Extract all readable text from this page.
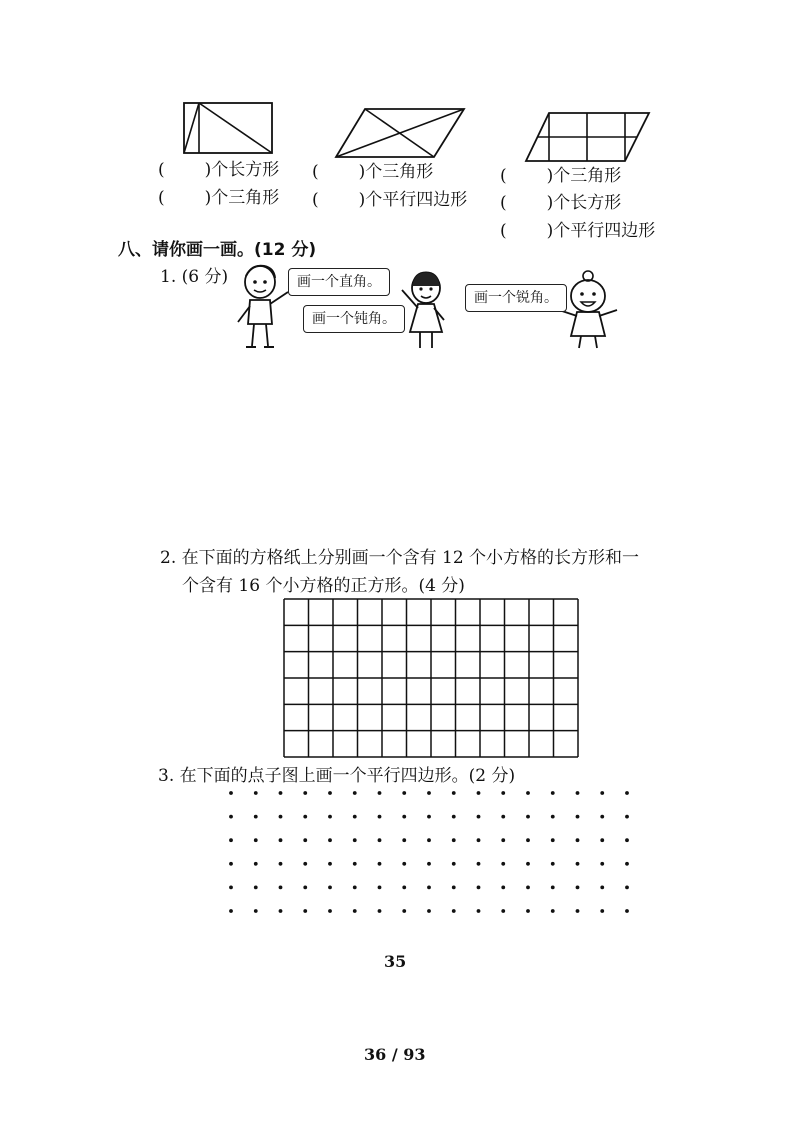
( )个长方形
( )个三角形
( )个三角形
( )个平行四边形
( )个三角形
( )个长方形
( )个平行四边形
八、请你画一画。(12 分)
1. (6 分)	画一个直角。
画一个钝角。
画一个锐角。
2. 在下面的方格纸上分别画一个含有 12 个小方格的长方形和一
个含有 16 个小方格的正方形。(4 分)
3. 在下面的点子图上画一个平行四边形。(2 分)
35
36 / 93
